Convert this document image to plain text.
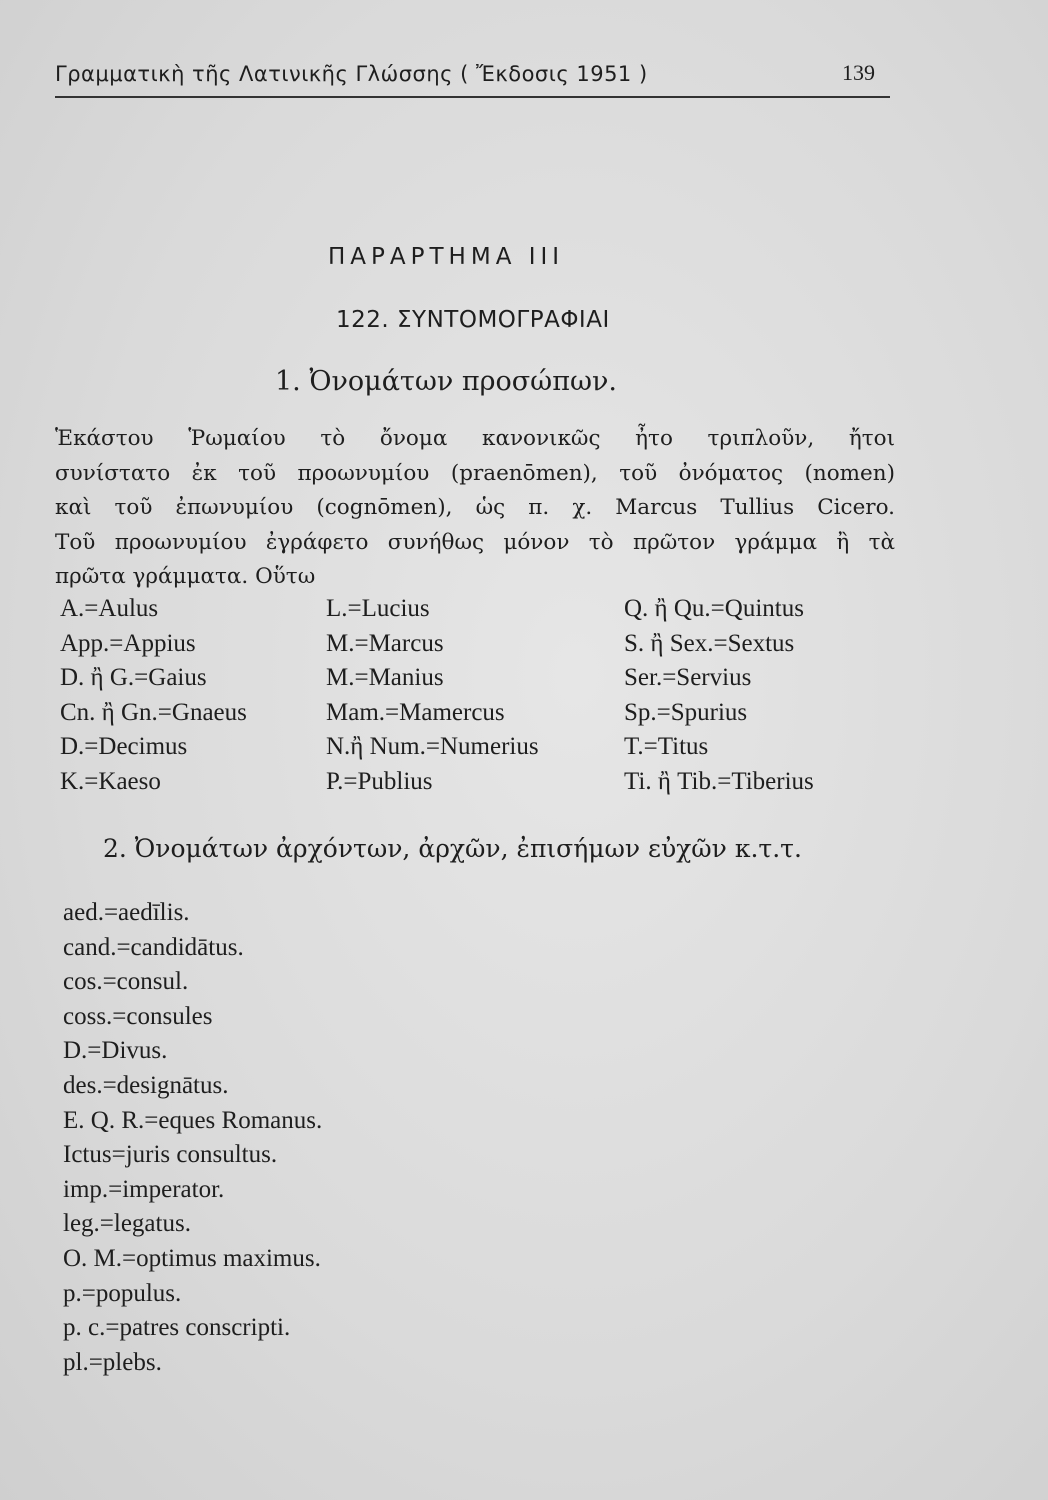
Γραμματικὴ τῆς Λατινικῆς Γλώσσης ( Ἔκδοσις 1951 )	139
ΠΑΡΑΡΤΗΜΑ III
122. ΣΥΝΤΟΜΟΓΡΑΦΙΑΙ
1. Ὀνομάτων προσώπων.
Ἑκάστου Ῥωμαίου τὸ ὄνομα κανονικῶς ἦτο τριπλοῦν, ἤτοι
συνίστατο ἐκ τοῦ προωνυμίου (praenōmen), τοῦ ὀνόματος (nomen)
καὶ τοῦ ἐπωνυμίου (cognōmen), ὡς π. χ. Marcus Tullius Cicero.
Τοῦ προωνυμίου ἐγράφετο συνήθως μόνον τὸ πρῶτον γράμμα ἢ τὰ
πρῶτα γράμματα. Οὕτω
A.=Aulus
App.=Appius
D. ἢ G.=Gaius
Cn. ἢ Gn.=Gnaeus
D.=Decimus
K.=Kaeso
L.=Lucius
M.=Marcus
M.=Manius
Mam.=Mamercus
N.ἢ Num.=Numerius
P.=Publius
Q. ἢ Qu.=Quintus
S. ἢ Sex.=Sextus
Ser.=Servius
Sp.=Spurius
T.=Titus
Ti. ἢ Tib.=Tiberius
2. Ὀνομάτων ἀρχόντων, ἀρχῶν, ἐπισήμων εὐχῶν κ.τ.τ.
aed.=aedīlis.
cand.=candidātus.
cos.=consul.
coss.=consules
D.=Divus.
des.=designātus.
E. Q. R.=eques Romanus.
Ictus=juris consultus.
imp.=imperator.
leg.=legatus.
O. M.=optimus maximus.
p.=populus.
p. c.=patres conscripti.
pl.=plebs.
